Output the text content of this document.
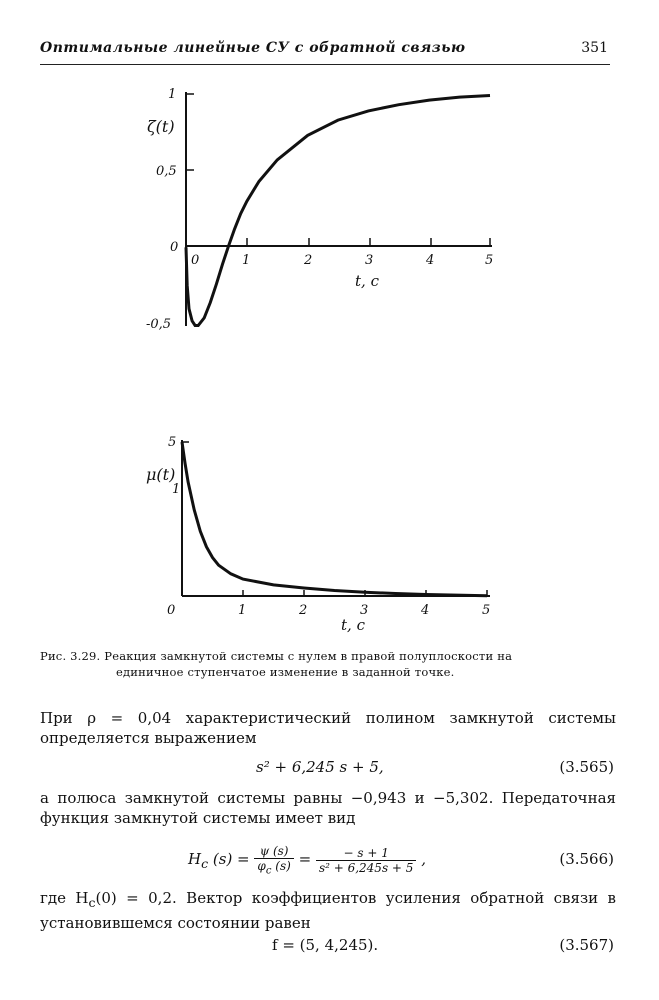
Оптимальные линейные СУ с обратной связью	351
1
0,5
0
-0,5
ζ(t)
0	1	2	3	4	5
t, c
5
1
μ(t)
0	1	2	3	4	5
t, c
Рис. 3.29. Реакция замкнутой системы с нулем в правой полуплоскости на
единичное ступенчатое изменение в заданной точке.
При ρ = 0,04 характеристический полином замкнутой системы определяется выражением
s² + 6,245 s + 5,	(3.565)
а полюса замкнутой системы равны −0,943 и −5,302. Передаточная функция замкнутой системы имеет вид
$H_c$ $(s) = \frac{\psi (s)}{\varphi_c (s)} = \frac{- s + 1}{\text{s² + 6,245s + 5}}$ ,	(3.566)
где $H_c(0) = 0,2$. Вектор коэффициентов усиления обратной связи в установившемся состоянии равен
f = (5, 4,245).	(3.567)
